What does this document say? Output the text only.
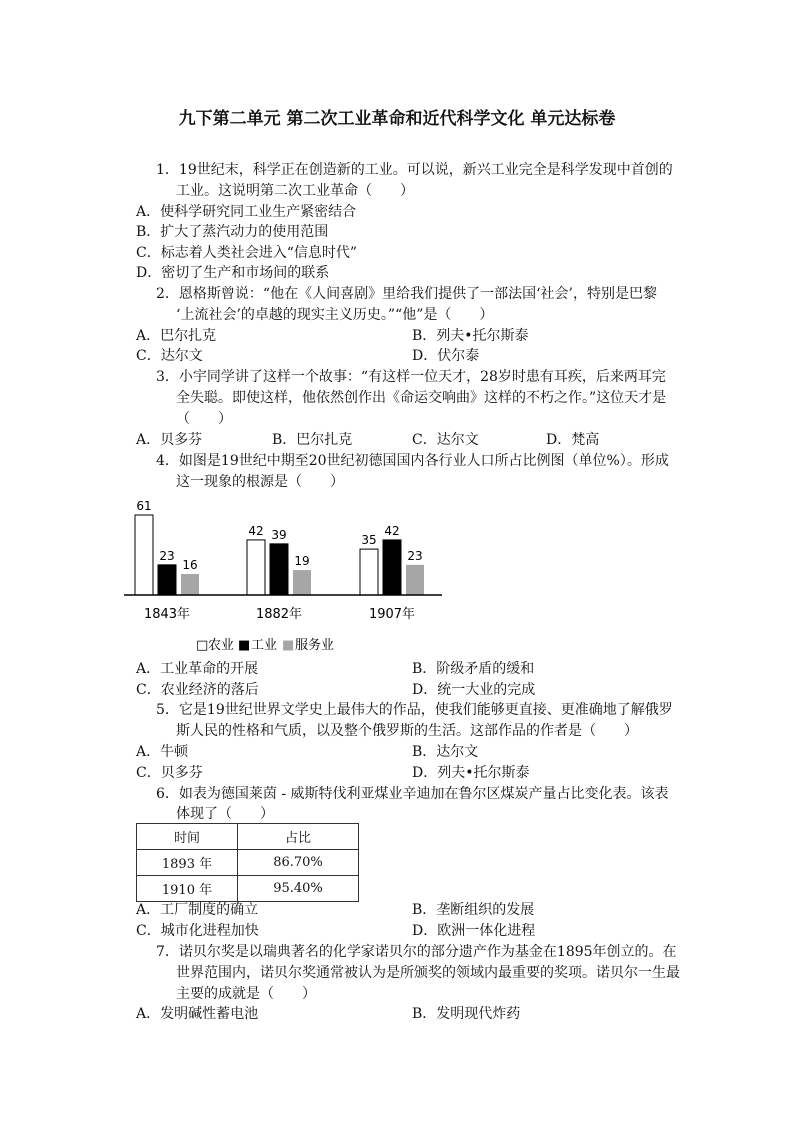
九下第二单元 第二次工业革命和近代科学文化 单元达标卷
1．19世纪末，科学正在创造新的工业。可以说，新兴工业完全是科学发现中首创的
工业。这说明第二次工业革命（　　）
A．使科学研究同工业生产紧密结合
B．扩大了蒸汽动力的使用范围
C．标志着人类社会进入“信息时代”
D．密切了生产和市场间的联系
2．恩格斯曾说：“他在《人间喜剧》里给我们提供了一部法国‘社会’，特别是巴黎
‘上流社会’的卓越的现实主义历史。”“他”是（　　）
A．巴尔扎克	B．列夫•托尔斯泰
C．达尔文	D．伏尔泰
3．小宇同学讲了这样一个故事：“有这样一位天才，28岁时患有耳疾，后来两耳完
全失聪。即使这样，他依然创作出《命运交响曲》这样的不朽之作。”这位天才是
（　　）
A．贝多芬	B．巴尔扎克	C．达尔文	D．梵高
4．如图是19世纪中期至20世纪初德国国内各行业人口所占比例图（单位%）。形成
这一现象的根源是（　　）
61
23
16
1843年
42 39
19
1882年
35
42
23
1907年
□ 农业 ■ 工业 ■ 服务业
A．工业革命的开展	B．阶级矛盾的缓和
C．农业经济的落后	D．统一大业的完成
5．它是19世纪世界文学史上最伟大的作品，使我们能够更直接、更准确地了解俄罗
斯人民的性格和气质，以及整个俄罗斯的生活。这部作品的作者是（　　）
A．牛顿	B．达尔文
C．贝多芬	D．列夫•托尔斯泰
6．如表为德国莱茵 - 威斯特伐利亚煤业辛迪加在鲁尔区煤炭产量占比变化表。该表
体现了（　　）
时间	占比
1893 年	86.70%
1910 年	95.40%
A．工厂制度的确立	B．垄断组织的发展
C．城市化进程加快	D．欧洲一体化进程
7．诺贝尔奖是以瑞典著名的化学家诺贝尔的部分遗产作为基金在1895年创立的。在
世界范围内，诺贝尔奖通常被认为是所颁奖的领域内最重要的奖项。诺贝尔一生最
主要的成就是（　　）
A．发明碱性蓄电池	B．发明现代炸药
